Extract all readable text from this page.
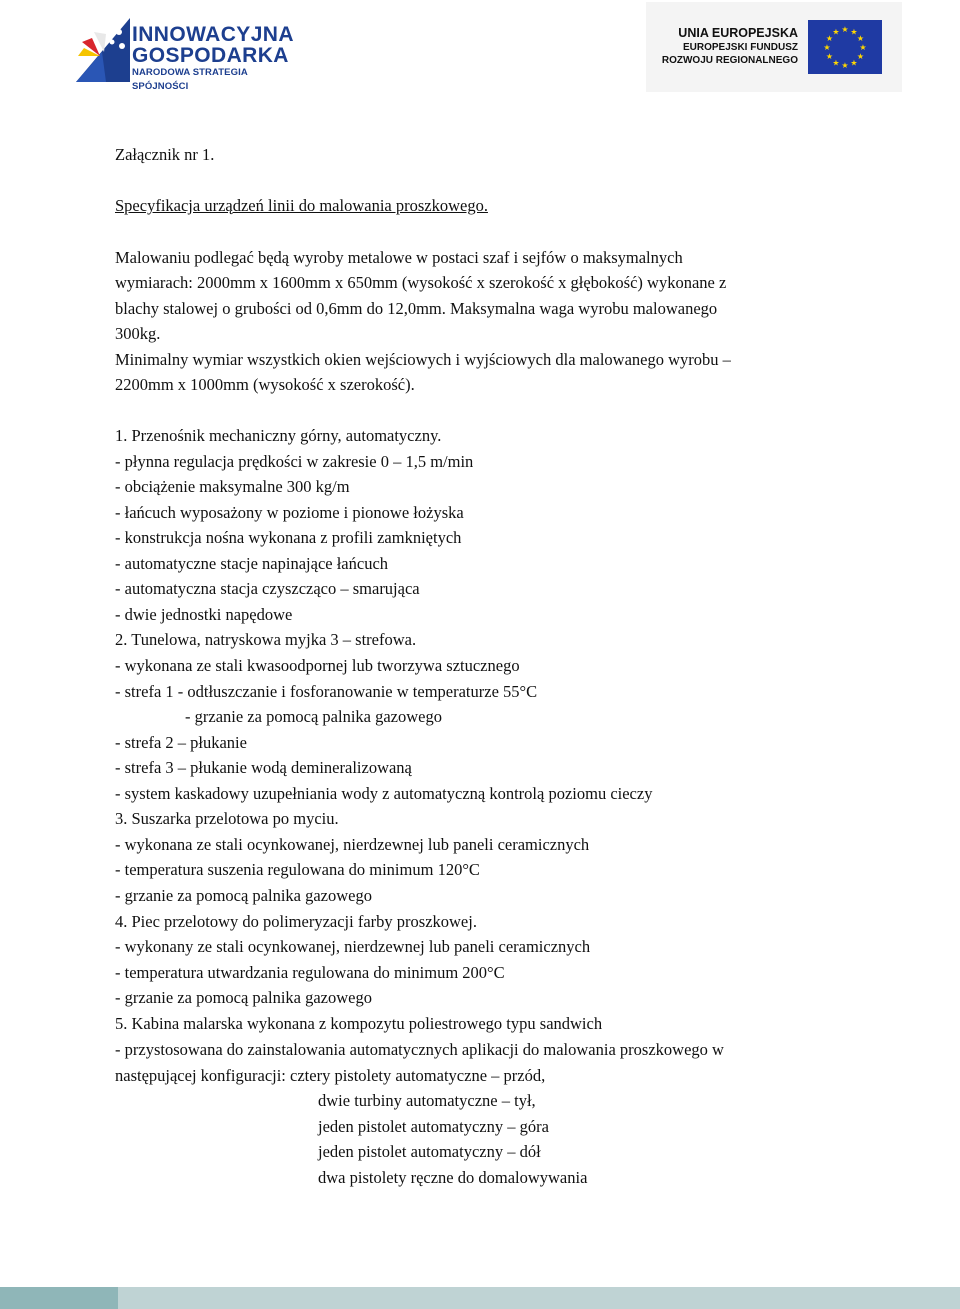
INNOWACYJNA
GOSPODARKA
NARODOWA STRATEGIA SPÓJNOŚCI
UNIA EUROPEJSKA
EUROPEJSKI FUNDUSZ
ROZWOJU REGIONALNEGO
★ ★
★
★
★
★
★
★
★
★
★
★
Załącznik nr 1.
Specyfikacja urządzeń linii do malowania proszkowego.
Malowaniu podlegać będą wyroby metalowe w postaci szaf i sejfów o maksymalnych
wymiarach: 2000mm x 1600mm x 650mm (wysokość x szerokość x głębokość) wykonane z
blachy stalowej o grubości od 0,6mm do 12,0mm. Maksymalna waga wyrobu malowanego
300kg.
Minimalny wymiar wszystkich okien wejściowych i wyjściowych dla malowanego wyrobu –
2200mm x 1000mm (wysokość x szerokość).
1. Przenośnik mechaniczny górny, automatyczny.
- płynna regulacja prędkości w zakresie 0 – 1,5 m/min
- obciążenie maksymalne 300 kg/m
- łańcuch wyposażony w poziome i pionowe łożyska
- konstrukcja nośna wykonana z profili zamkniętych
- automatyczne stacje napinające łańcuch
- automatyczna stacja czyszcząco – smarująca
- dwie jednostki napędowe
2. Tunelowa, natryskowa myjka 3 – strefowa.
- wykonana ze stali kwasoodpornej lub tworzywa sztucznego
- strefa 1 - odtłuszczanie i fosforanowanie w temperaturze 55°C
- grzanie za pomocą palnika gazowego
- strefa 2 – płukanie
- strefa 3 – płukanie wodą demineralizowaną
- system kaskadowy uzupełniania wody z automatyczną kontrolą poziomu cieczy
3. Suszarka przelotowa po myciu.
- wykonana ze stali ocynkowanej, nierdzewnej lub paneli ceramicznych
- temperatura suszenia regulowana do minimum 120°C
- grzanie za pomocą palnika gazowego
4. Piec przelotowy do polimeryzacji farby proszkowej.
- wykonany ze stali ocynkowanej, nierdzewnej lub paneli ceramicznych
- temperatura utwardzania regulowana do minimum 200°C
- grzanie za pomocą palnika gazowego
5. Kabina malarska wykonana z kompozytu poliestrowego typu sandwich
- przystosowana do zainstalowania automatycznych aplikacji do malowania proszkowego w
następującej konfiguracji: cztery pistolety automatyczne – przód,
dwie turbiny automatyczne – tył,
jeden pistolet automatyczny – góra
jeden pistolet automatyczny – dół
dwa pistolety ręczne do domalowywania
